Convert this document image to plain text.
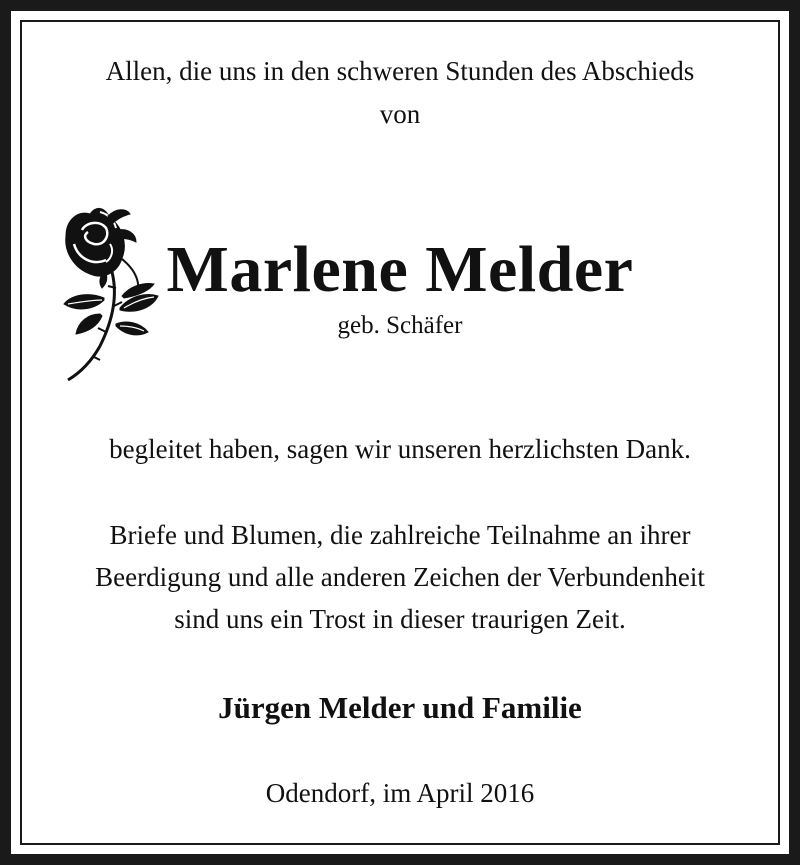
Allen, die uns in den schweren Stunden des Abschieds
von
Marlene Melder
geb. Schäfer
begleitet haben, sagen wir unseren herzlichsten Dank.
Briefe und Blumen, die zahlreiche Teilnahme an ihrer
Beerdigung und alle anderen Zeichen der Verbundenheit
sind uns ein Trost in dieser traurigen Zeit.
Jürgen Melder und Familie
Odendorf, im April 2016
